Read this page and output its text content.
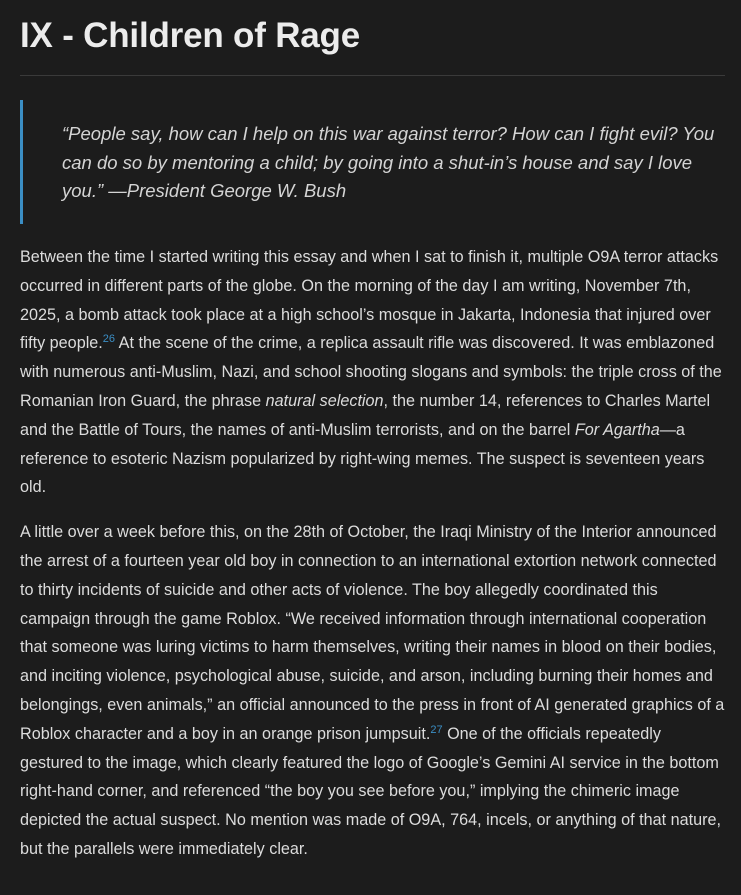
IX - Children of Rage

“People say, how can I help on this war against terror? How can I fight evil? You can do so by mentoring a child; by going into a shut-in’s house and say I love you.” —President George W. Bush

Between the time I started writing this essay and when I sat to finish it, multiple O9A terror attacks occurred in different parts of the globe. On the morning of the day I am writing, November 7th, 2025, a bomb attack took place at a high school’s mosque in Jakarta, Indonesia that injured over fifty people.$^{26}$ At the scene of the crime, a replica assault rifle was discovered. It was emblazoned with numerous anti-Muslim, Nazi, and school shooting slogans and symbols: the triple cross of the Romanian Iron Guard, the phrase natural selection, the number 14, references to Charles Martel and the Battle of Tours, the names of anti-Muslim terrorists, and on the barrel For Agartha—a reference to esoteric Nazism popularized by right-wing memes. The suspect is seventeen years old.

A little over a week before this, on the 28th of October, the Iraqi Ministry of the Interior announced the arrest of a fourteen year old boy in connection to an international extortion network connected to thirty incidents of suicide and other acts of violence. The boy allegedly coordinated this campaign through the game Roblox. “We received information through international cooperation that someone was luring victims to harm themselves, writing their names in blood on their bodies, and inciting violence, psychological abuse, suicide, and arson, including burning their homes and belongings, even animals,” an official announced to the press in front of AI generated graphics of a Roblox character and a boy in an orange prison jumpsuit.$^{27}$ One of the officials repeatedly gestured to the image, which clearly featured the logo of Google’s Gemini AI service in the bottom right-hand corner, and referenced “the boy you see before you,” implying the chimeric image depicted the actual suspect. No mention was made of O9A, 764, incels, or anything of that nature, but the parallels were immediately clear.
